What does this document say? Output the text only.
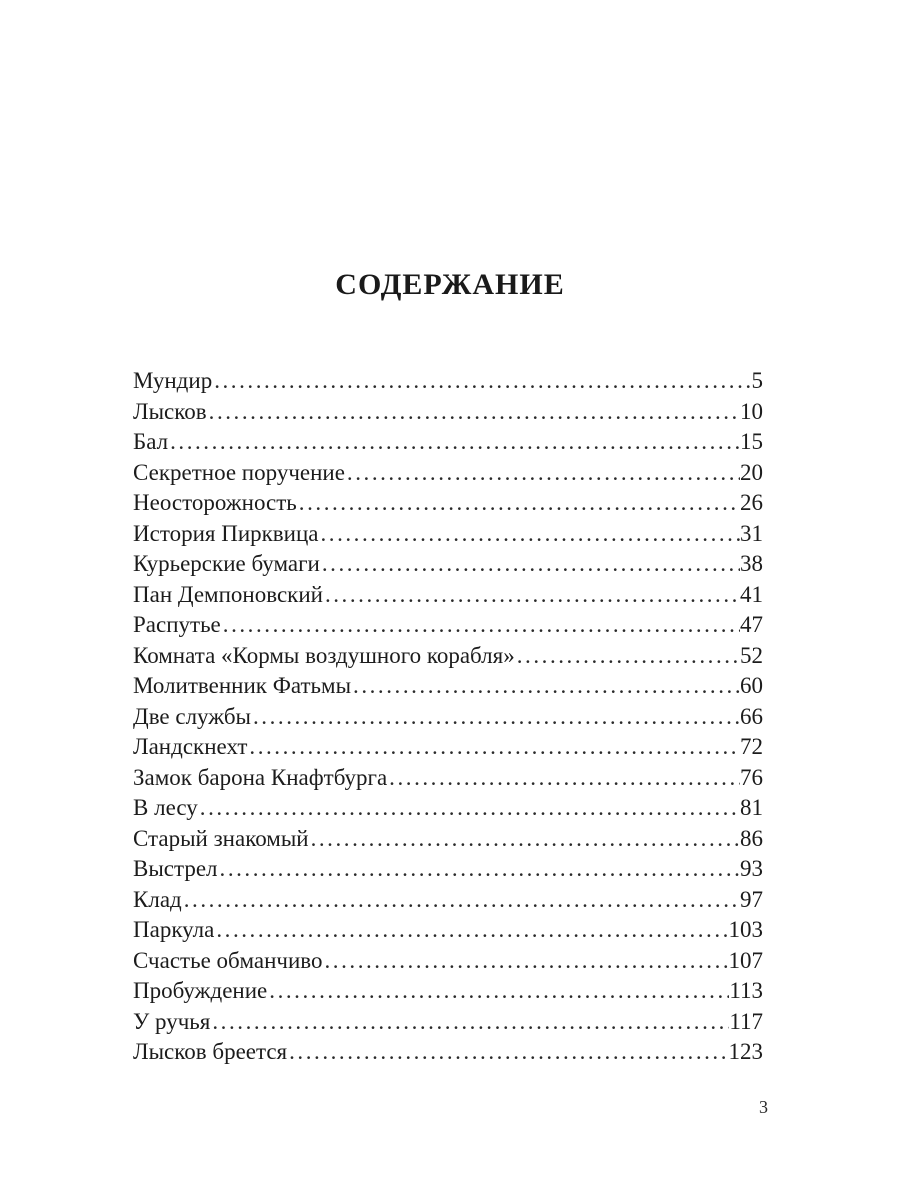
СОДЕРЖАНИЕ
Мундир . . .	5
Лысков . . .	10
Бал . . .	15
Секретное поручение . . .	20
Неосторожность . . .	26
История Пирквица . . .	31
Курьерские бумаги . . .	38
Пан Демпоновский . . .	41
Распутье . . .	47
Комната «Кормы воздушного корабля» . . .	52
Молитвенник Фатьмы . . .	60
Две службы . . .	66
Ландскнехт . . .	72
Замок барона Кнафтбурга . . .	76
В лесу . . .	81
Старый знакомый . . .	86
Выстрел . . .	93
Клад . . .	97
Паркула . . .	103
Счастье обманчиво . . .	107
Пробуждение . . .	113
У ручья . . .	117
Лысков бреется . . .	123
3
